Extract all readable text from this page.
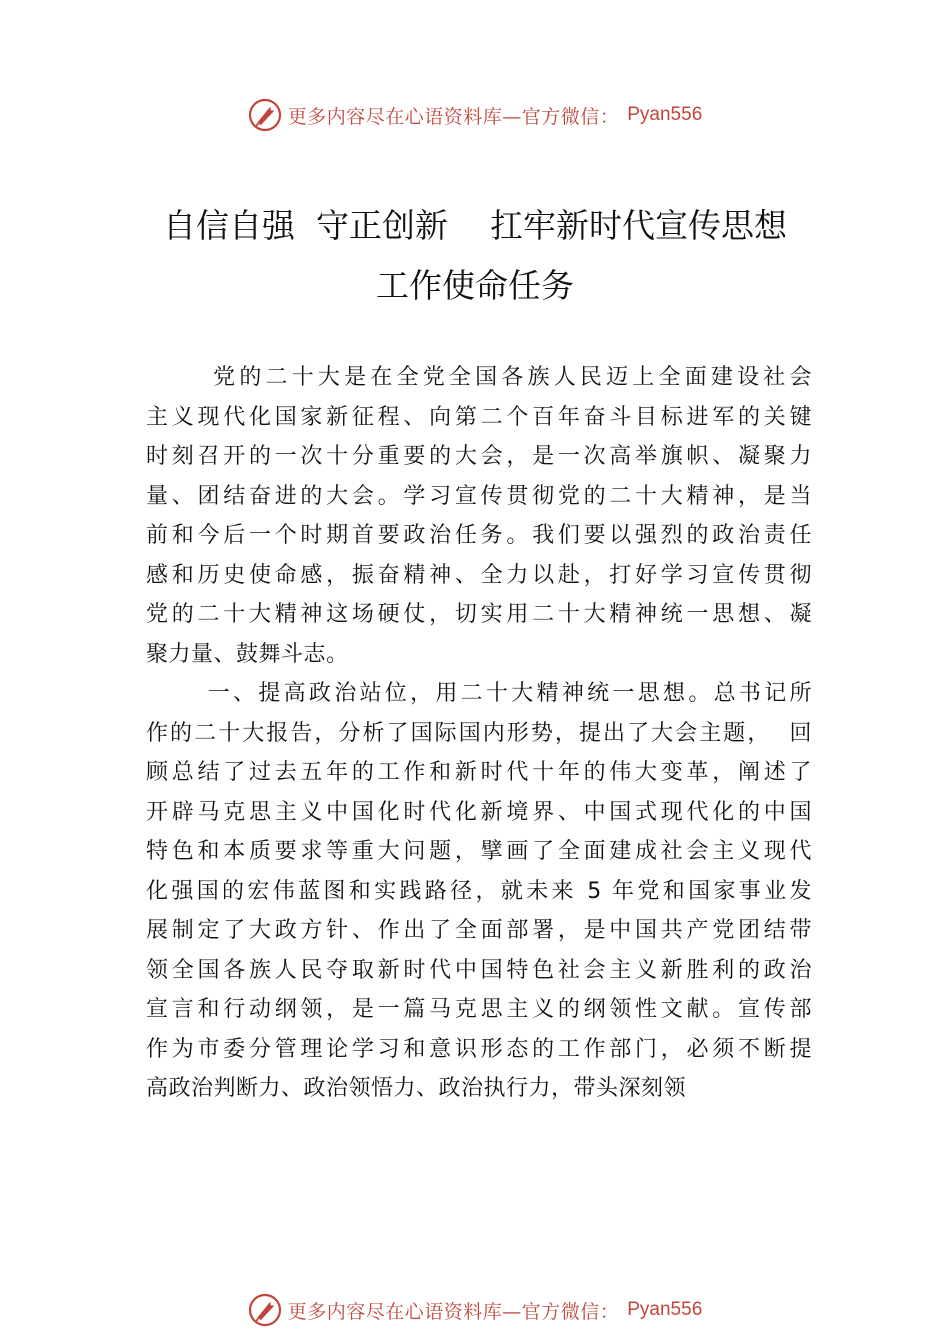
更多内容尽在心语资料库—官方微信： Pyan556
自信自强  守正创新    扛牢新时代宣传思想
工作使命任务
党的二十大是在全党全国各族人民迈上全面建设社会
主义现代化国家新征程、向第二个百年奋斗目标进军的关键
时刻召开的一次十分重要的大会，是一次高举旗帜、凝聚力
量、团结奋进的大会。学习宣传贯彻党的二十大精神，是当
前和今后一个时期首要政治任务。我们要以强烈的政治责任
感和历史使命感，振奋精神、全力以赴，打好学习宣传贯彻
党的二十大精神这场硬仗，切实用二十大精神统一思想、凝
聚力量、鼓舞斗志。
一、提高政治站位，用二十大精神统一思想。总书记所
作的二十大报告，分析了国际国内形势，提出了大会主题，  回
顾总结了过去五年的工作和新时代十年的伟大变革，阐述了
开辟马克思主义中国化时代化新境界、中国式现代化的中国
特色和本质要求等重大问题，擘画了全面建成社会主义现代
化强国的宏伟蓝图和实践路径，就未来 5 年党和国家事业发
展制定了大政方针、作出了全面部署，是中国共产党团结带
领全国各族人民夺取新时代中国特色社会主义新胜利的政治
宣言和行动纲领，是一篇马克思主义的纲领性文献。宣传部
作为市委分管理论学习和意识形态的工作部门，必须不断提
高政治判断力、政治领悟力、政治执行力，带头深刻领
更多内容尽在心语资料库—官方微信： Pyan556
